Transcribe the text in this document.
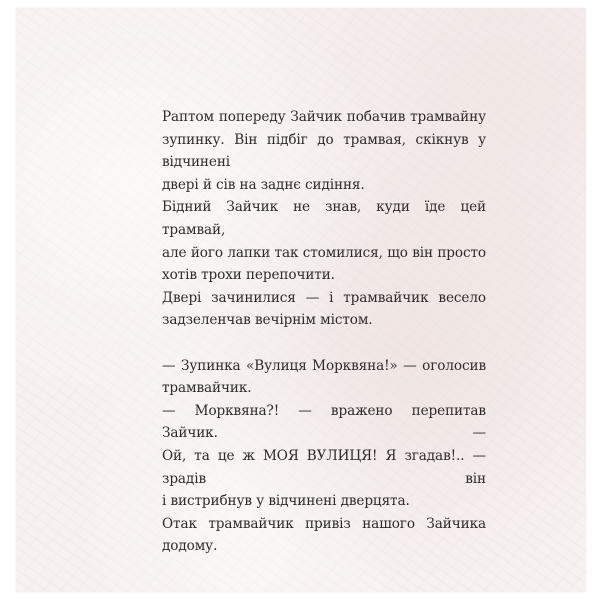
Раптом попереду Зайчик побачив трамвайну
зупинку. Він підбіг до трамвая, скікнув у відчинені
двері й сів на заднє сидіння.

Бідний Зайчик не знав, куди їде цей трамвай,
але його лапки так стомилися, що він просто
хотів трохи перепочити.

Двері зачинилися — і трамвайчик весело
задзеленчав вечірнім містом.

— Зупинка «Вулиця Морквяна!» — оголосив
трамвайчик.

— Морквяна?! — вражено перепитав Зайчик. —
Ой, та це ж МОЯ ВУЛИЦЯ! Я згадав!.. — зрадів він
і вистрибнув у відчинені дверцята.

Отак трамвайчик привіз нашого Зайчика
додому.
